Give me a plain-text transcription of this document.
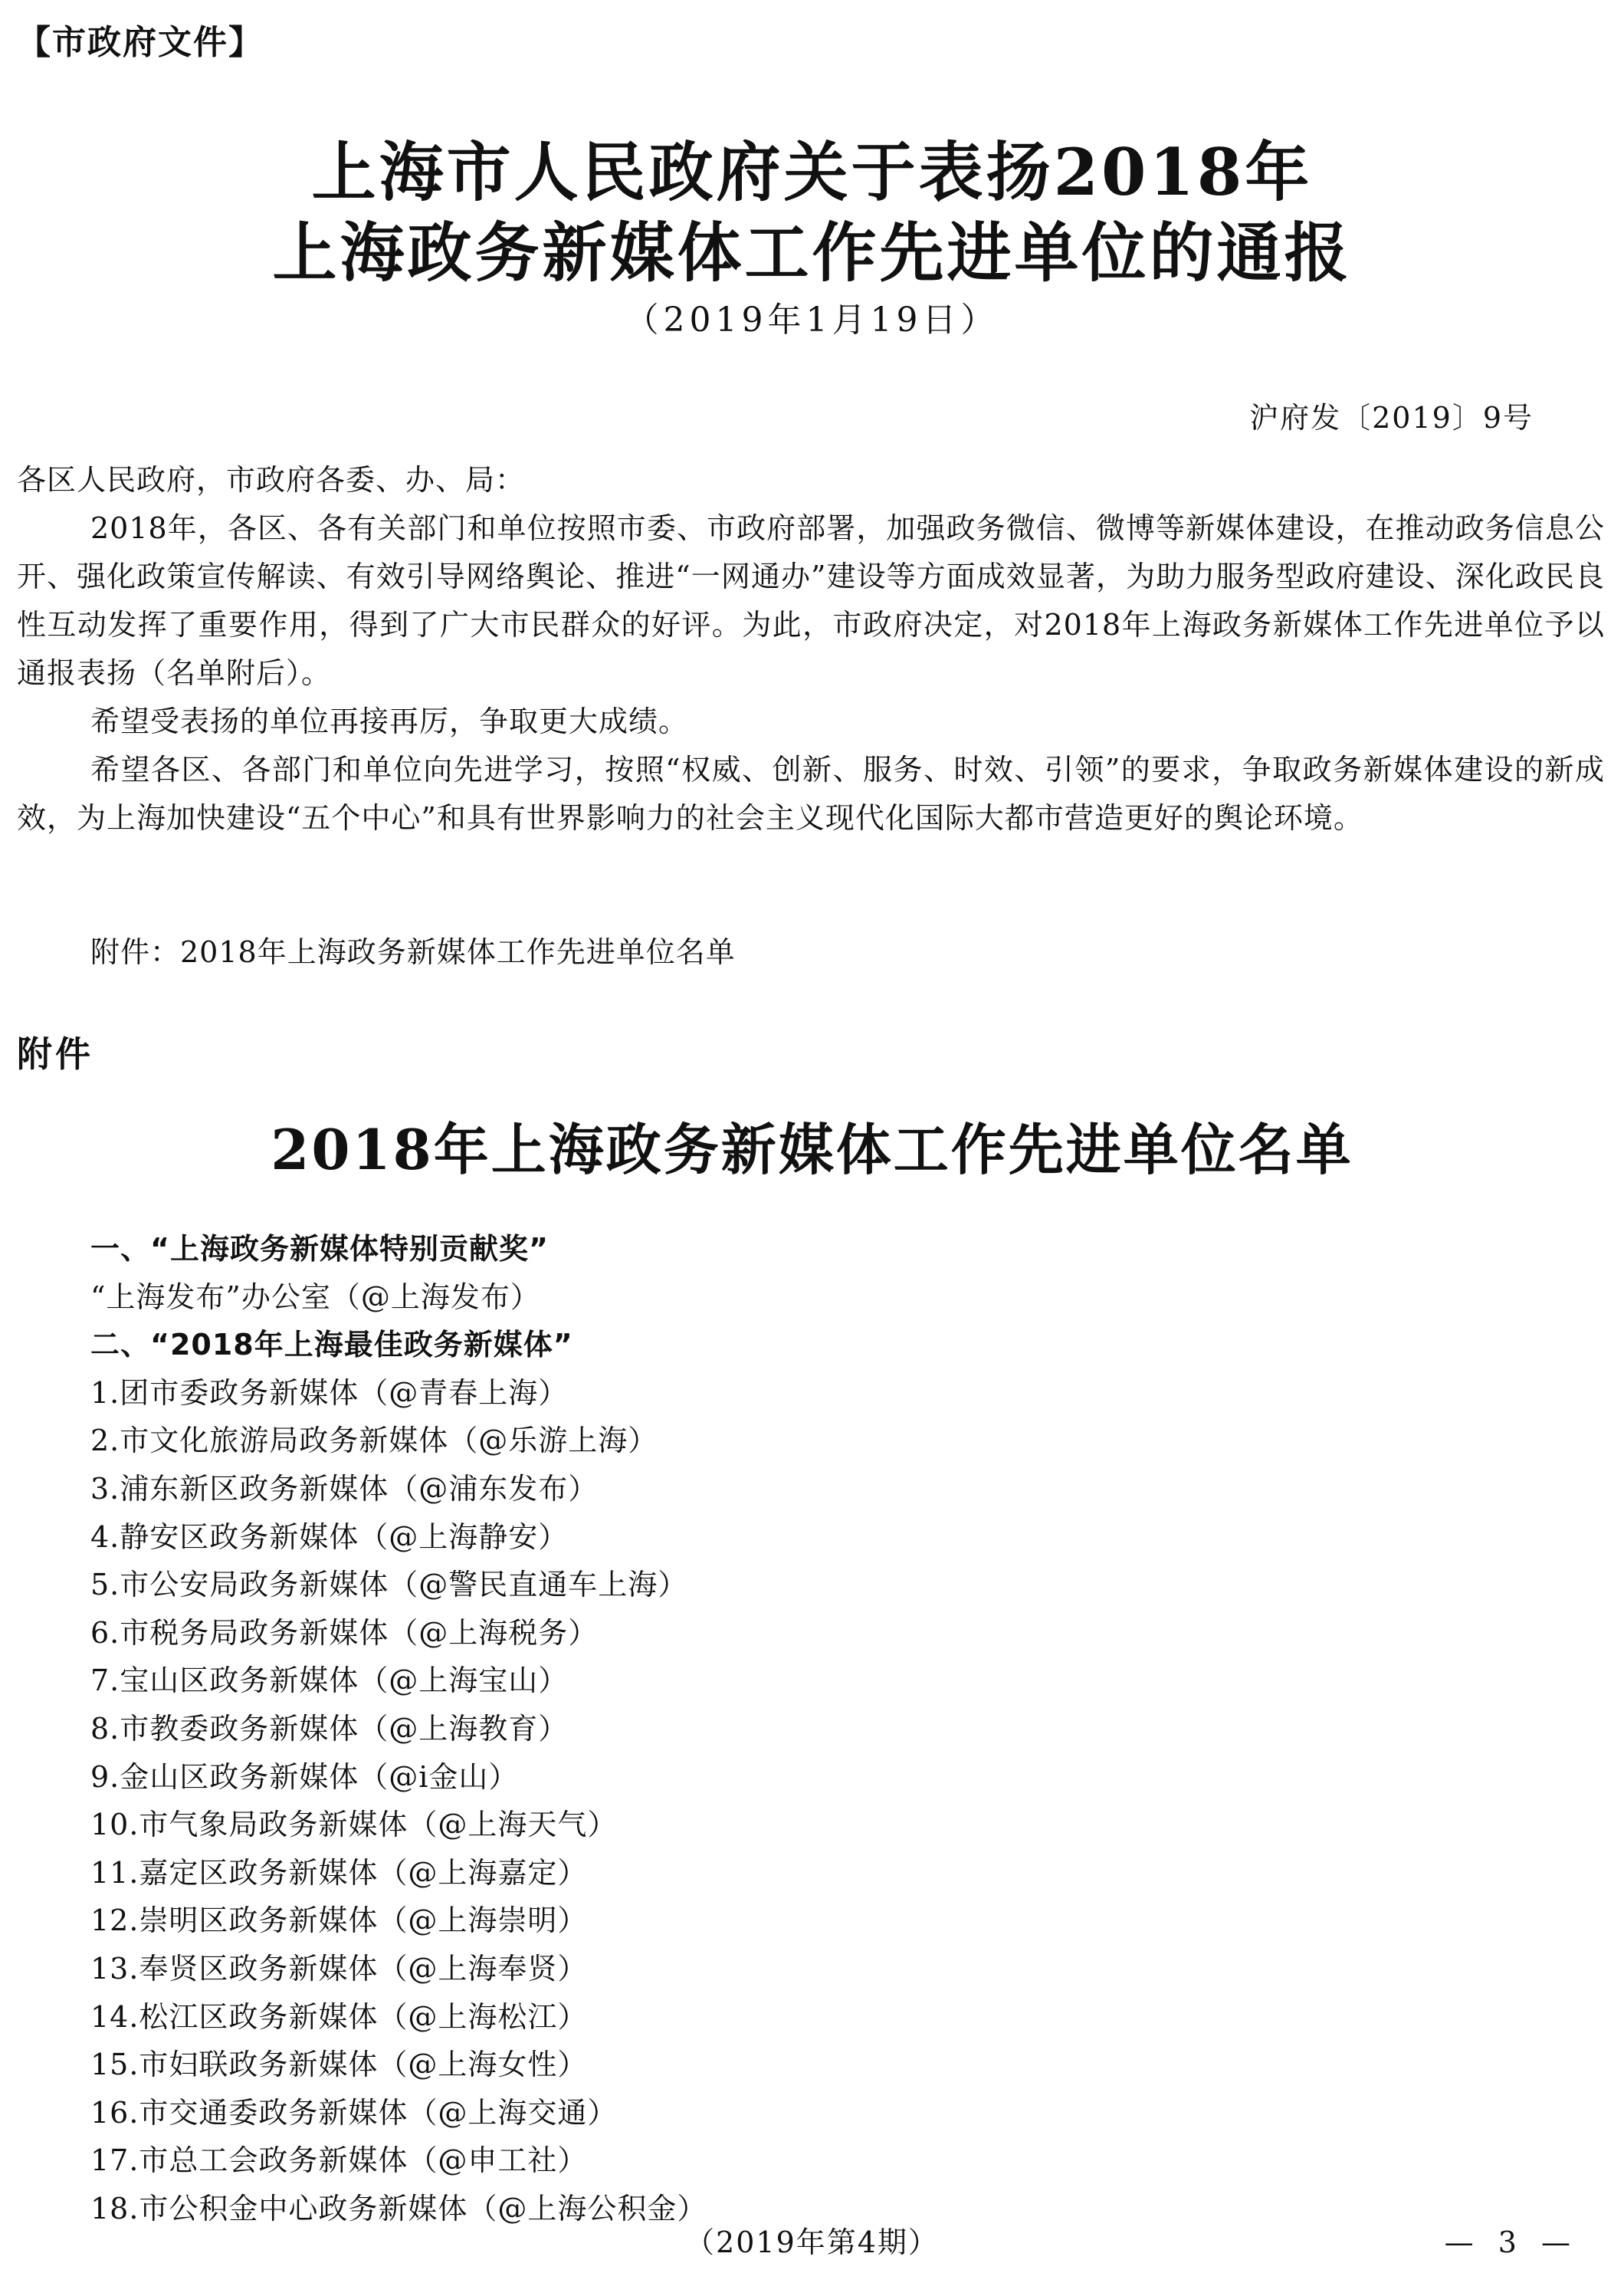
【市政府文件】
上海市人民政府关于表扬2018年
上海政务新媒体工作先进单位的通报
（2019年1月19日）
沪府发〔2019〕9号

各区人民政府，市政府各委、办、局：

2018年，各区、各有关部门和单位按照市委、市政府部署，加强政务微信、微博等新媒体建设，在推动政务信息公开、强化政策宣传解读、有效引导网络舆论、推进“一网通办”建设等方面成效显著，为助力服务型政府建设、深化政民良性互动发挥了重要作用，得到了广大市民群众的好评。为此，市政府决定，对2018年上海政务新媒体工作先进单位予以通报表扬（名单附后）。

希望受表扬的单位再接再厉，争取更大成绩。

希望各区、各部门和单位向先进学习，按照“权威、创新、服务、时效、引领”的要求，争取政务新媒体建设的新成效，为上海加快建设“五个中心”和具有世界影响力的社会主义现代化国际大都市营造更好的舆论环境。

附件：2018年上海政务新媒体工作先进单位名单
附件
2018年上海政务新媒体工作先进单位名单
一、“上海政务新媒体特别贡献奖”
“上海发布”办公室（@上海发布）
二、“2018年上海最佳政务新媒体”
1.团市委政务新媒体（@青春上海）
2.市文化旅游局政务新媒体（@乐游上海）
3.浦东新区政务新媒体（@浦东发布）
4.静安区政务新媒体（@上海静安）
5.市公安局政务新媒体（@警民直通车上海）
6.市税务局政务新媒体（@上海税务）
7.宝山区政务新媒体（@上海宝山）
8.市教委政务新媒体（@上海教育）
9.金山区政务新媒体（@i金山）
10.市气象局政务新媒体（@上海天气）
11.嘉定区政务新媒体（@上海嘉定）
12.崇明区政务新媒体（@上海崇明）
13.奉贤区政务新媒体（@上海奉贤）
14.松江区政务新媒体（@上海松江）
15.市妇联政务新媒体（@上海女性）
16.市交通委政务新媒体（@上海交通）
17.市总工会政务新媒体（@申工社）
18.市公积金中心政务新媒体（@上海公积金）
（2019年第4期）	— 3 —
